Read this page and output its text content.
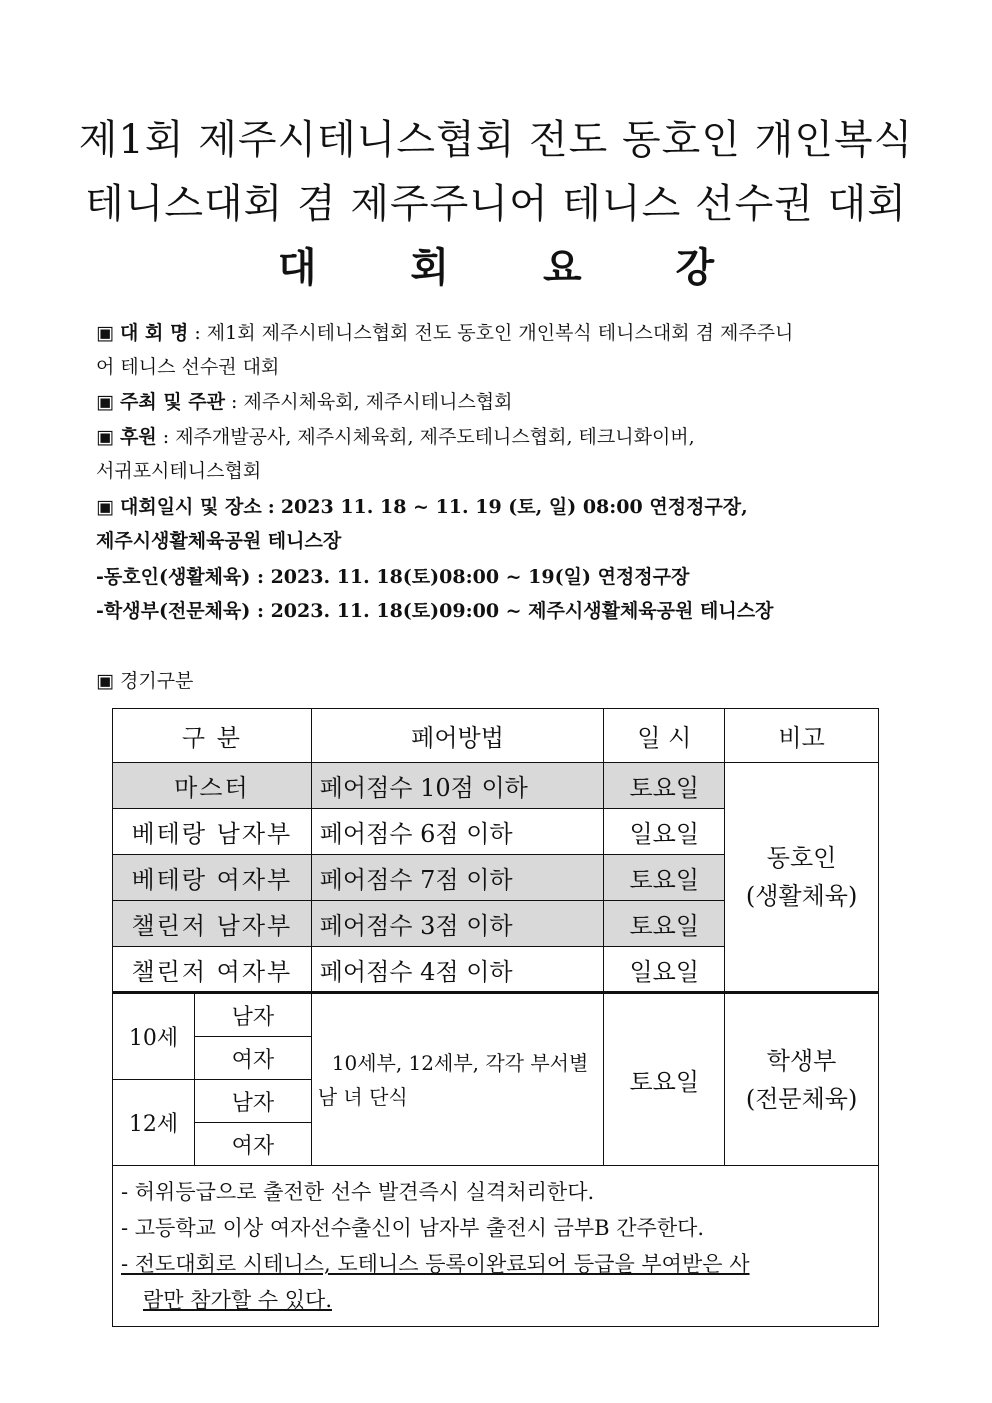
제1회 제주시테니스협회 전도 동호인 개인복식
테니스대회 겸 제주주니어 테니스 선수권 대회
대 회 요 강
▣ 대 회 명 : 제1회 제주시테니스협회 전도 동호인 개인복식 테니스대회 겸 제주주니
어 테니스 선수권 대회
▣ 주최 및 주관 : 제주시체육회, 제주시테니스협회
▣ 후원 : 제주개발공사, 제주시체육회, 제주도테니스협회, 테크니화이버,
서귀포시테니스협회
▣ 대회일시 및 장소 : 2023 11. 18 ~ 11. 19 (토, 일) 08:00 연정정구장,
제주시생활체육공원 테니스장
-동호인(생활체육) : 2023. 11. 18(토)08:00 ~ 19(일) 연정정구장
-학생부(전문체육) : 2023. 11. 18(토)09:00 ~ 제주시생활체육공원 테니스장
▣ 경기구분
구 분		페어방법	일 시	비고
마스터		페어점수 10점 이하	토요일	동호인
(생활체육)
베테랑 남자부		페어점수 6점 이하	일요일	
베테랑 여자부		페어점수 7점 이하	토요일	
챌린저 남자부		페어점수 3점 이하	토요일	
챌린저 여자부		페어점수 4점 이하	일요일	
10세	남자	10세부, 12세부, 각각 부서별
남 녀 단식	토요일	학생부
(전문체육)
	여자			
12세	남자			
	여자			

- 허위등급으로 출전한 선수 발견즉시 실격처리한다.
- 고등학교 이상 여자선수출신이 남자부 출전시 금부B 간주한다.
- 전도대회로 시테니스, 도테니스 등록이완료되어 등급을 부여받은 사
람만 참가할 수 있다.				
